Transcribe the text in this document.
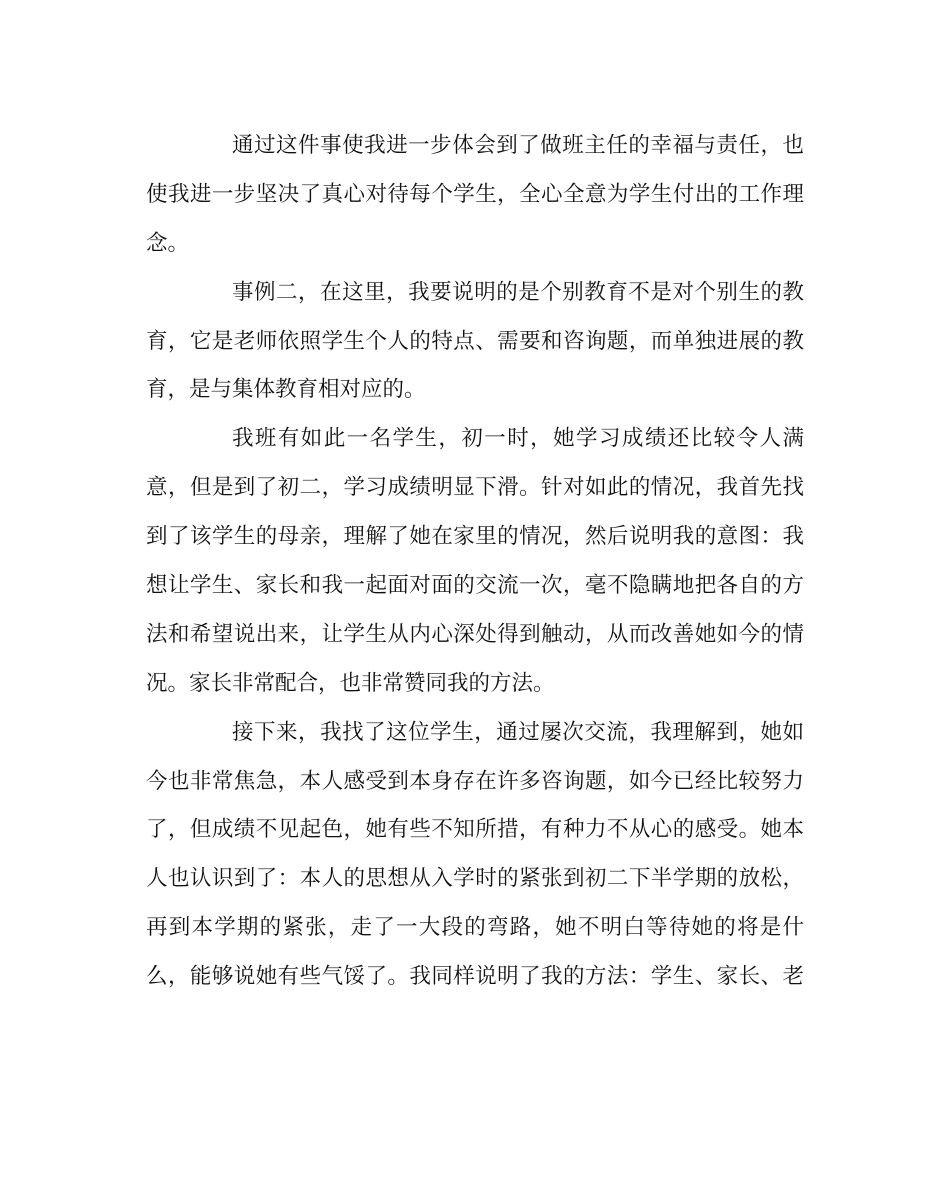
通过这件事使我进一步体会到了做班主任的幸福与责任，也
使我进一步坚决了真心对待每个学生，全心全意为学生付出的工作理
念。
事例二，在这里，我要说明的是个别教育不是对个别生的教
育，它是老师依照学生个人的特点、需要和咨询题，而单独进展的教
育，是与集体教育相对应的。
我班有如此一名学生，初一时，她学习成绩还比较令人满
意，但是到了初二，学习成绩明显下滑。针对如此的情况，我首先找
到了该学生的母亲，理解了她在家里的情况，然后说明我的意图：我
想让学生、家长和我一起面对面的交流一次，毫不隐瞒地把各自的方
法和希望说出来，让学生从内心深处得到触动，从而改善她如今的情
况。家长非常配合，也非常赞同我的方法。
接下来，我找了这位学生，通过屡次交流，我理解到，她如
今也非常焦急，本人感受到本身存在许多咨询题，如今已经比较努力
了，但成绩不见起色，她有些不知所措，有种力不从心的感受。她本
人也认识到了：本人的思想从入学时的紧张到初二下半学期的放松，
再到本学期的紧张，走了一大段的弯路，她不明白等待她的将是什
么，能够说她有些气馁了。我同样说明了我的方法：学生、家长、老
